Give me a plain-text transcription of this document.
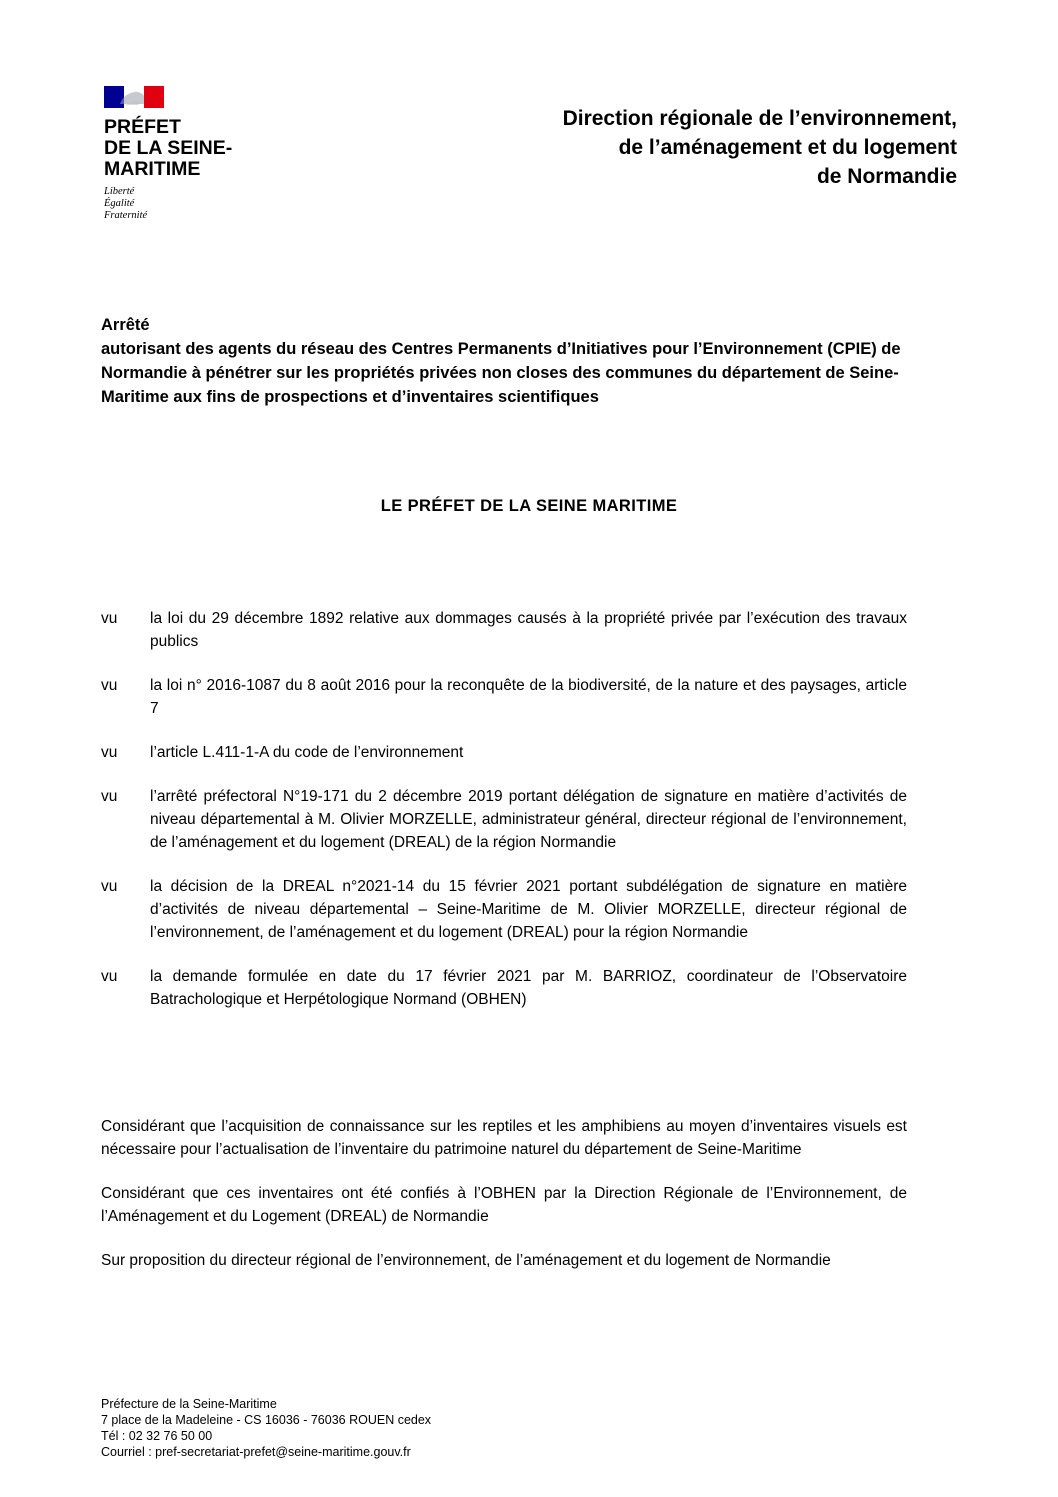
PRÉFET
DE LA SEINE-
MARITIME
Liberté
Égalité
Fraternité
Direction régionale de l’environnement,
de l’aménagement et du logement
de Normandie
Arrêté
autorisant des agents du réseau des Centres Permanents d’Initiatives pour l’Environnement (CPIE) de Normandie à pénétrer sur les propriétés privées non closes des communes du département de Seine-Maritime aux fins de prospections et d’inventaires scientifiques
LE PRÉFET DE LA SEINE MARITIME
vu	la loi du 29 décembre 1892 relative aux dommages causés à la propriété privée par l’exécution des travaux publics
vu	la loi n° 2016-1087 du 8 août 2016 pour la reconquête de la biodiversité, de la nature et des paysages, article 7
vu	l’article L.411-1-A du code de l’environnement
vu	l’arrêté préfectoral N°19-171 du 2 décembre 2019 portant délégation de signature en matière d’activités de niveau départemental à M. Olivier MORZELLE, administrateur général, directeur régional de l’environnement, de l’aménagement et du logement (DREAL) de la région Normandie
vu	la décision de la DREAL n°2021-14 du 15 février 2021 portant subdélégation de signature en matière d’activités de niveau départemental – Seine-Maritime de M. Olivier MORZELLE, directeur régional de l’environnement, de l’aménagement et du logement (DREAL) pour la région Normandie
vu	la demande formulée en date du 17 février 2021 par M. BARRIOZ, coordinateur de l’Observatoire Batrachologique et Herpétologique Normand (OBHEN)
Considérant que l’acquisition de connaissance sur les reptiles et les amphibiens au moyen d’inventaires visuels est nécessaire pour l’actualisation de l’inventaire du patrimoine naturel du département de Seine-Maritime
Considérant que ces inventaires ont été confiés à l’OBHEN par la Direction Régionale de l’Environnement, de l’Aménagement et du Logement (DREAL) de Normandie
Sur proposition du directeur régional de l’environnement, de l’aménagement et du logement de Normandie
Préfecture de la Seine-Maritime
7 place de la Madeleine - CS 16036 - 76036 ROUEN cedex
Tél : 02 32 76 50 00
Courriel : pref-secretariat-prefet@seine-maritime.gouv.fr
